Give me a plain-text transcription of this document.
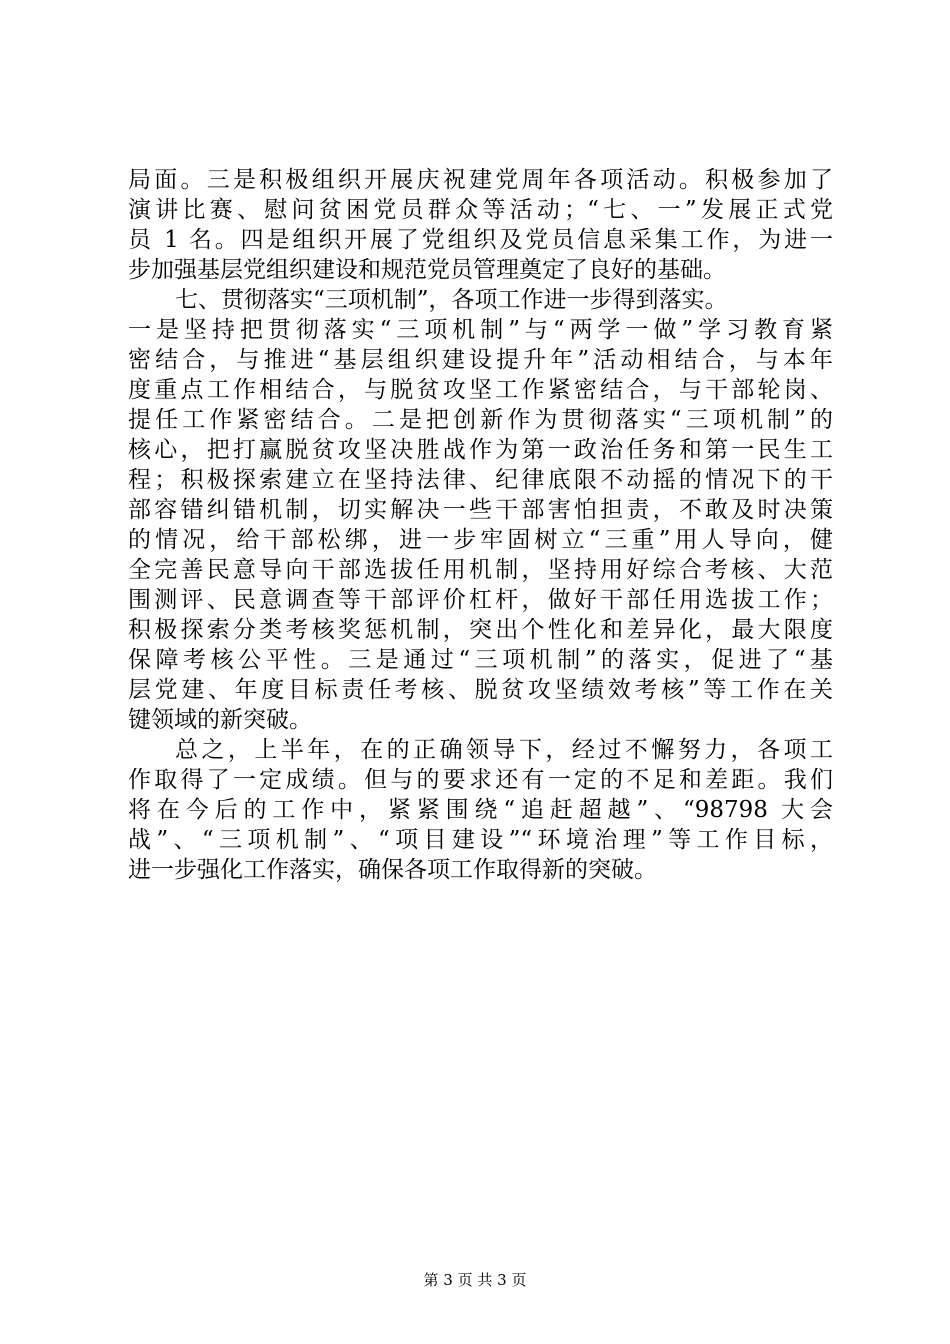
局面。三是积极组织开展庆祝建党周年各项活动。积极参加了
演讲比赛、慰问贫困党员群众等活动；“七、一”发展正式党
员 1 名。四是组织开展了党组织及党员信息采集工作，为进一
步加强基层党组织建设和规范党员管理奠定了良好的基础。
七、贯彻落实“三项机制”，各项工作进一步得到落实。
一是坚持把贯彻落实“三项机制”与“两学一做”学习教育紧
密结合，与推进“基层组织建设提升年”活动相结合，与本年
度重点工作相结合，与脱贫攻坚工作紧密结合，与干部轮岗、
提任工作紧密结合。二是把创新作为贯彻落实“三项机制”的
核心，把打赢脱贫攻坚决胜战作为第一政治任务和第一民生工
程；积极探索建立在坚持法律、纪律底限不动摇的情况下的干
部容错纠错机制，切实解决一些干部害怕担责，不敢及时决策
的情况，给干部松绑，进一步牢固树立“三重”用人导向，健
全完善民意导向干部选拔任用机制，坚持用好综合考核、大范
围测评、民意调查等干部评价杠杆，做好干部任用选拔工作；
积极探索分类考核奖惩机制，突出个性化和差异化，最大限度
保障考核公平性。三是通过“三项机制”的落实，促进了“基
层党建、年度目标责任考核、脱贫攻坚绩效考核”等工作在关
键领域的新突破。
总之，上半年，在的正确领导下，经过不懈努力，各项工
作取得了一定成绩。但与的要求还有一定的不足和差距。我们
将在今后的工作中，紧紧围绕“追赶超越”、“98798 大会
战”、“三项机制”、“项目建设”“环境治理”等工作目标，
进一步强化工作落实，确保各项工作取得新的突破。
第 3 页 共 3 页
